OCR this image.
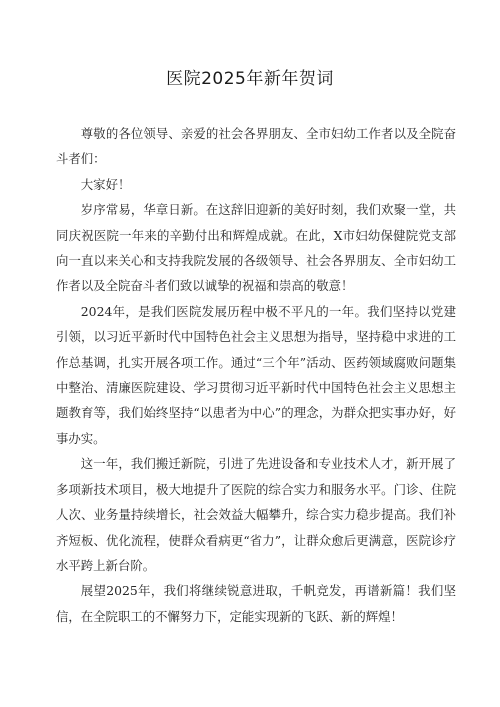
医院2025年新年贺词

尊敬的各位领导、亲爱的社会各界朋友、全市妇幼工作者以及全院奋斗者们：

大家好！

岁序常易，华章日新。在这辞旧迎新的美好时刻，我们欢聚一堂，共同庆祝医院一年来的辛勤付出和辉煌成就。在此，X市妇幼保健院党支部向一直以来关心和支持我院发展的各级领导、社会各界朋友、全市妇幼工作者以及全院奋斗者们致以诚挚的祝福和崇高的敬意！

2024年，是我们医院发展历程中极不平凡的一年。我们坚持以党建引领，以习近平新时代中国特色社会主义思想为指导，坚持稳中求进的工作总基调，扎实开展各项工作。通过“三个年”活动、医药领域腐败问题集中整治、清廉医院建设、学习贯彻习近平新时代中国特色社会主义思想主题教育等，我们始终坚持“以患者为中心”的理念，为群众把实事办好，好事办实。

这一年，我们搬迁新院，引进了先进设备和专业技术人才，新开展了多项新技术项目，极大地提升了医院的综合实力和服务水平。门诊、住院人次、业务量持续增长，社会效益大幅攀升，综合实力稳步提高。我们补齐短板、优化流程，使群众看病更“省力”，让群众愈后更满意，医院诊疗水平跨上新台阶。

展望2025年，我们将继续锐意进取，千帆竞发，再谱新篇！我们坚信，在全院职工的不懈努力下，定能实现新的飞跃、新的辉煌！
